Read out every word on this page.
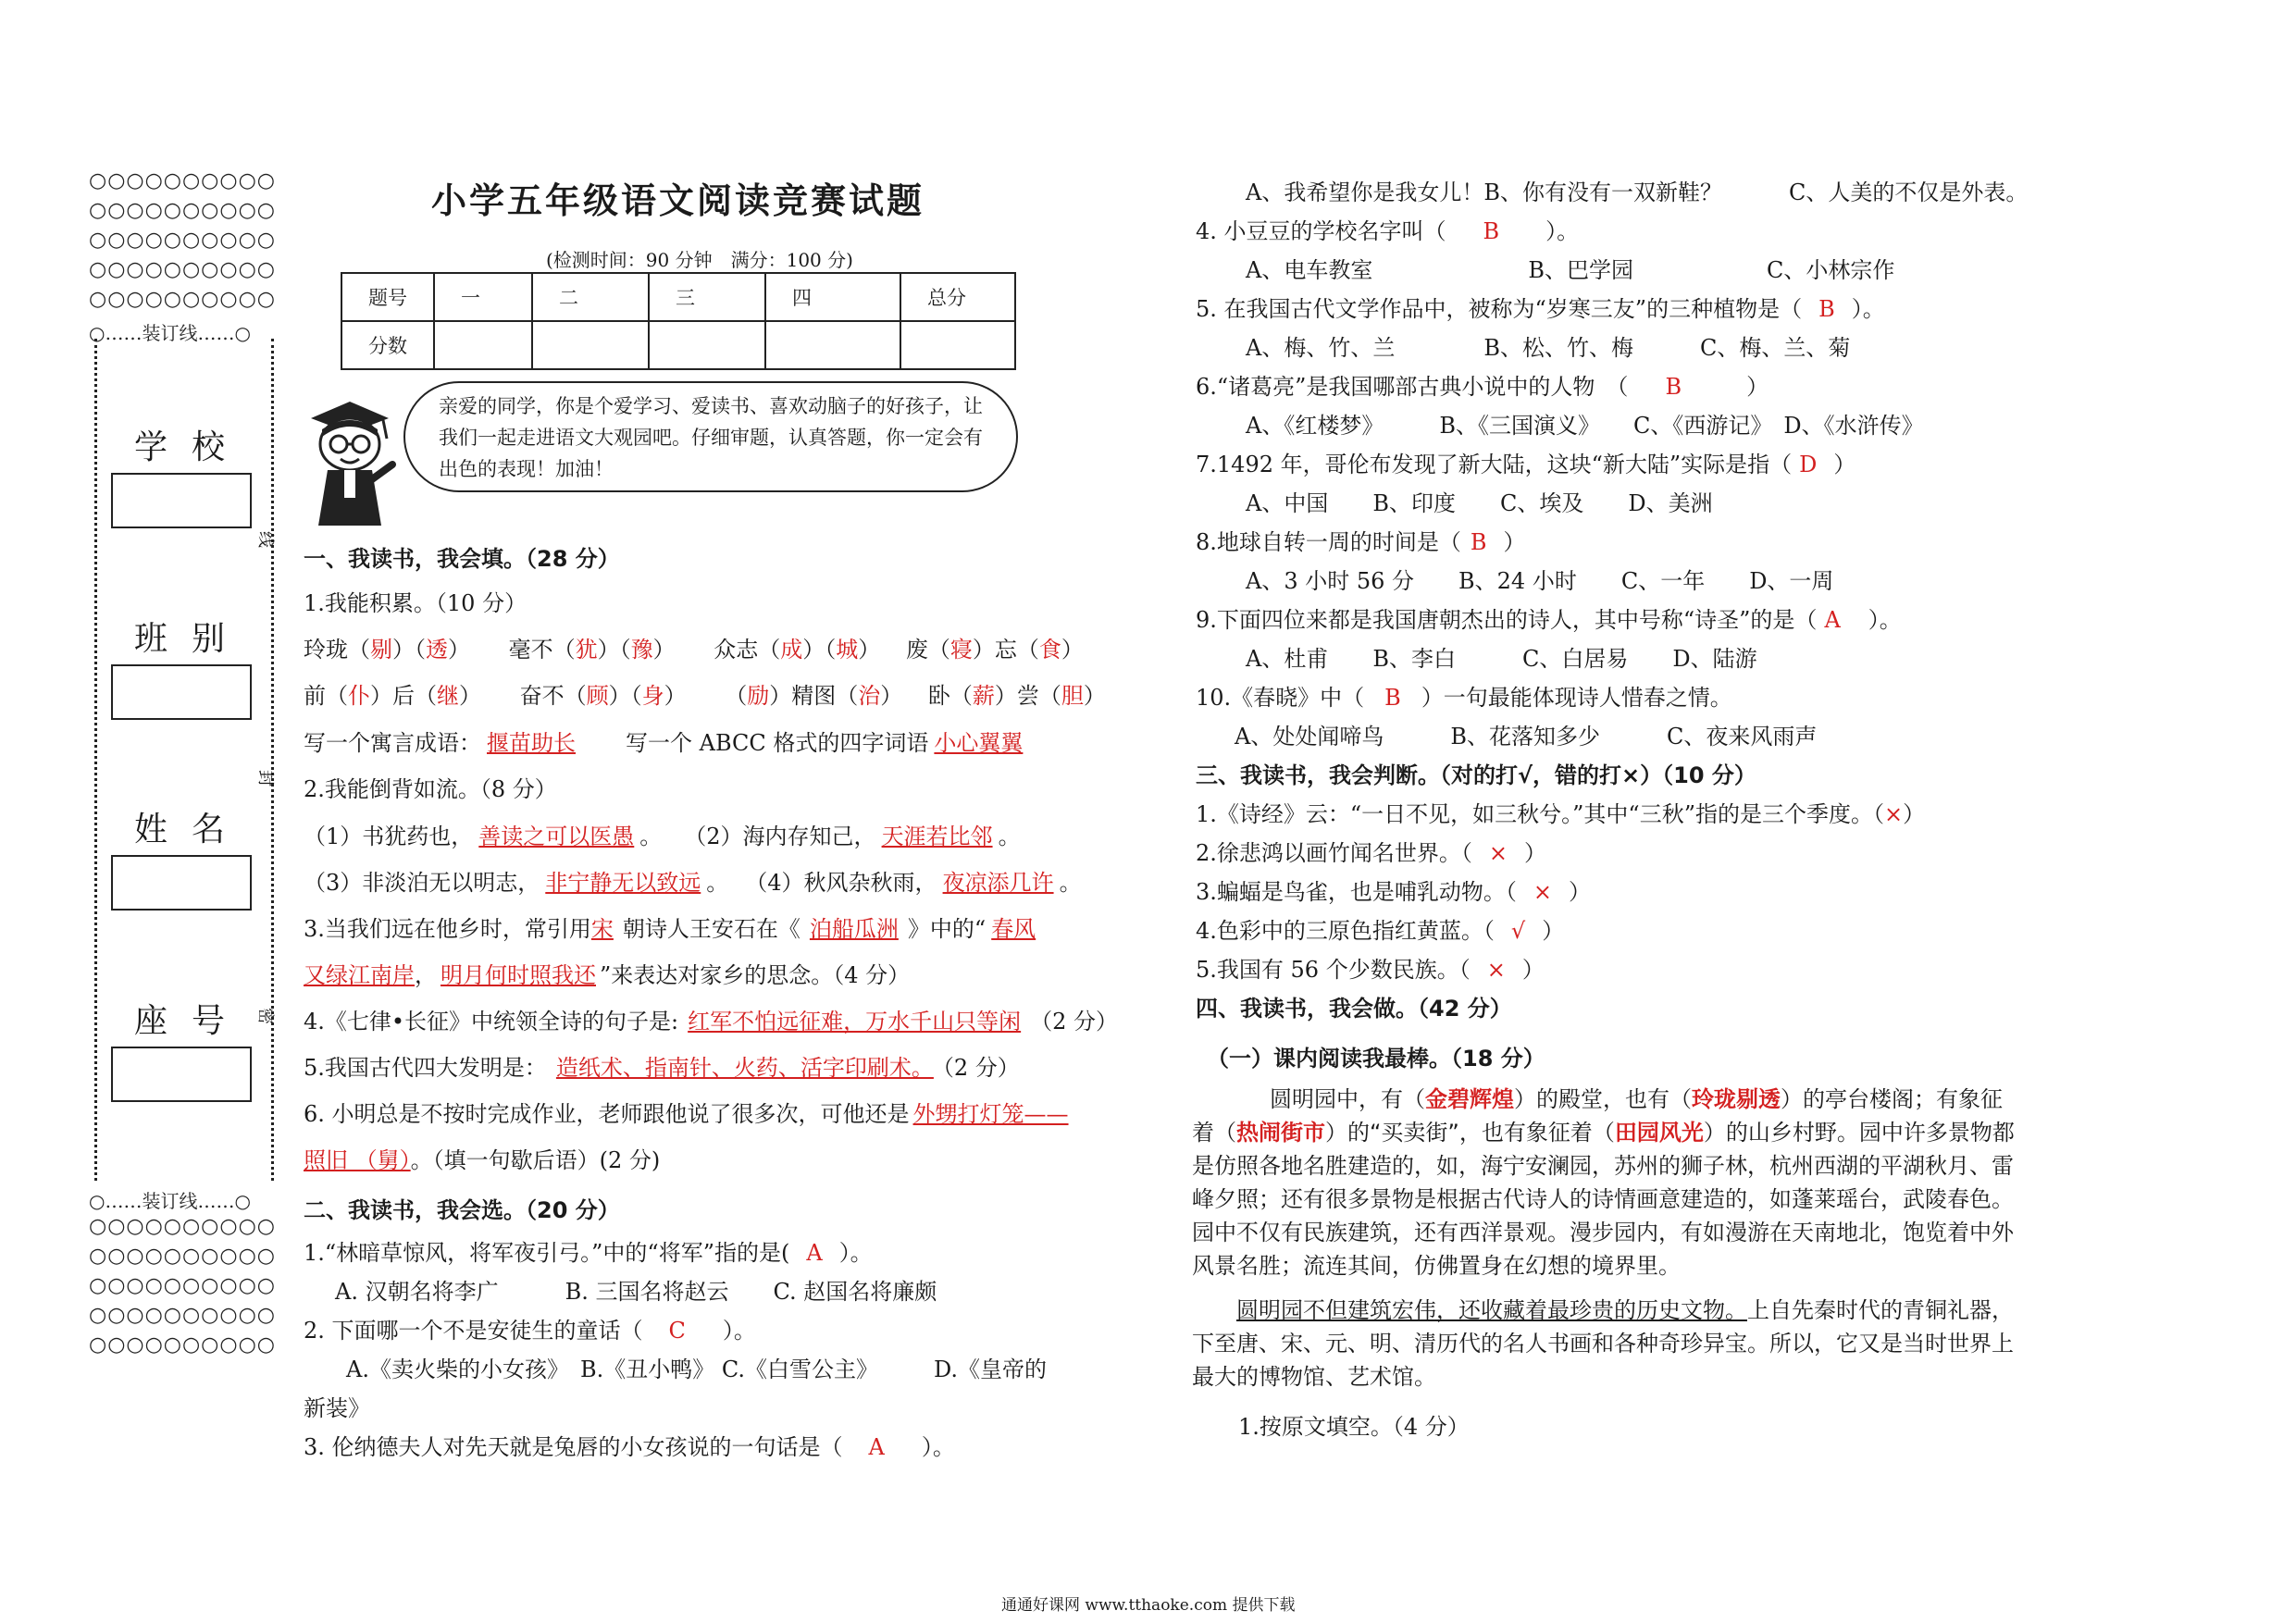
○○○○○○○○○○
○○○○○○○○○○
○○○○○○○○○○
○○○○○○○○○○
○○○○○○○○○○
○……装订线……○
学校
班别
姓名
座号
线
封
密
○……装订线……○
○○○○○○○○○○
○○○○○○○○○○
○○○○○○○○○○
○○○○○○○○○○
○○○○○○○○○○
小学五年级语文阅读竞赛试题
(检测时间：90 分钟　满分：100 分)
题号	一	二	三	四	总分
分数					
亲爱的同学，你是个爱学习、爱读书、喜欢动脑子的好孩子，让我们一起走进语文大观园吧。仔细审题，认真答题，你一定会有出色的表现！加油！
一、我读书，我会填。（28 分）
1.我能积累。（10 分）
玲珑（剔）（透） 毫不（犹）（豫） 众志（成）（城） 废（寝）忘（食）
前（仆）后（继） 奋不（顾）（身） （励）精图（治） 卧（薪）尝（胆）
写一个寓言成语： 揠苗助长 写一个 ABCC 格式的四字词语 小心翼翼
2.我能倒背如流。（8 分）
（1）书犹药也， 善读之可以医愚 。 （2）海内存知己， 天涯若比邻 。
（3）非淡泊无以明志， 非宁静无以致远 。 （4）秋风杂秋雨， 夜凉添几许 。
3.当我们远在他乡时，常引用宋 朝诗人王安石在《 泊船瓜洲 》中的“ 春风
又绿江南岸， 明月何时照我还 ”来表达对家乡的思念。（4 分）
4.《七律•长征》中统领全诗的句子是: 红军不怕远征难，万水千山只等闲 （2 分）
5.我国古代四大发明是： 造纸术、指南针、火药、活字印刷术。 （2 分）
6. 小明总是不按时完成作业，老师跟他说了很多次，可他还是 外甥打灯笼——
照旧 （舅）。（填一句歇后语）(2 分)
二、我读书，我会选。（20 分）
1.“林暗草惊风，将军夜引弓。”中的“将军”指的是( A ）。
A. 汉朝名将李广　　　B. 三国名将赵云　　C. 赵国名将廉颇
2. 下面哪一个不是安徒生的童话（ C ）。
A.《卖火柴的小女孩》　B.《丑小鸭》 C.《白雪公主》　　　D.《皇帝的
新装》
3. 伦纳德夫人对先天就是兔唇的小女孩说的一句话是（ A ）。
A、我希望你是我女儿！B、你有没有一双新鞋？　　　C、人美的不仅是外表。
4. 小豆豆的学校名字叫（ B ）。
A、电车教室　　　　　　　B、巴学园　　　　　　C、小林宗作
5. 在我国古代文学作品中，被称为“岁寒三友”的三种植物是（ B ）。
A、梅、竹、兰　　　　B、松、竹、梅　　　C、梅、兰、菊
6.“诸葛亮”是我国哪部古典小说中的人物　（ B	）
A、《红楼梦》　　　B、《三国演义》　　C、《西游记》　D、《水浒传》
7.1492 年，哥伦布发现了新大陆，这块“新大陆”实际是指（ D ）
A、中国　　B、印度　　C、埃及　　D、美洲
8.地球自转一周的时间是（ B ）
A、3 小时 56 分　　B、24 小时　　C、一年　　D、一周
9.下面四位来都是我国唐朝杰出的诗人，其中号称“诗圣”的是（ A ）。
A、杜甫　　B、李白　　　C、白居易　　D、陆游
10.《春晓》中（ B ）一句最能体现诗人惜春之情。
A、处处闻啼鸟　　　B、花落知多少　　　C、夜来风雨声
三、我读书，我会判断。（对的打√，错的打×）（10 分）
1.《诗经》云：“一日不见，如三秋兮。”其中“三秋”指的是三个季度。（×）
2.徐悲鸿以画竹闻名世界。（ × ）
3.蝙蝠是鸟雀，也是哺乳动物。（ × ）
4.色彩中的三原色指红黄蓝。（ √ ）
5.我国有 56 个少数民族。（ × ）
四、我读书，我会做。（42 分）
（一）课内阅读我最棒。（18 分）
圆明园中，有（金碧辉煌）的殿堂，也有（玲珑剔透）的亭台楼阁；有象征着（热闹街市）的“买卖街”，也有象征着（田园风光）的山乡村野。园中许多景物都是仿照各地名胜建造的，如，海宁安澜园，苏州的狮子林，杭州西湖的平湖秋月、雷峰夕照；还有很多景物是根据古代诗人的诗情画意建造的，如蓬莱瑶台，武陵春色。园中不仅有民族建筑，还有西洋景观。漫步园内，有如漫游在天南地北，饱览着中外风景名胜；流连其间，仿佛置身在幻想的境界里。
圆明园不但建筑宏伟，还收藏着最珍贵的历史文物。上自先秦时代的青铜礼器，下至唐、宋、元、明、清历代的名人书画和各种奇珍异宝。所以，它又是当时世界上最大的博物馆、艺术馆。
1.按原文填空。（4 分）
通通好课网 www.tthaoke.com 提供下载
